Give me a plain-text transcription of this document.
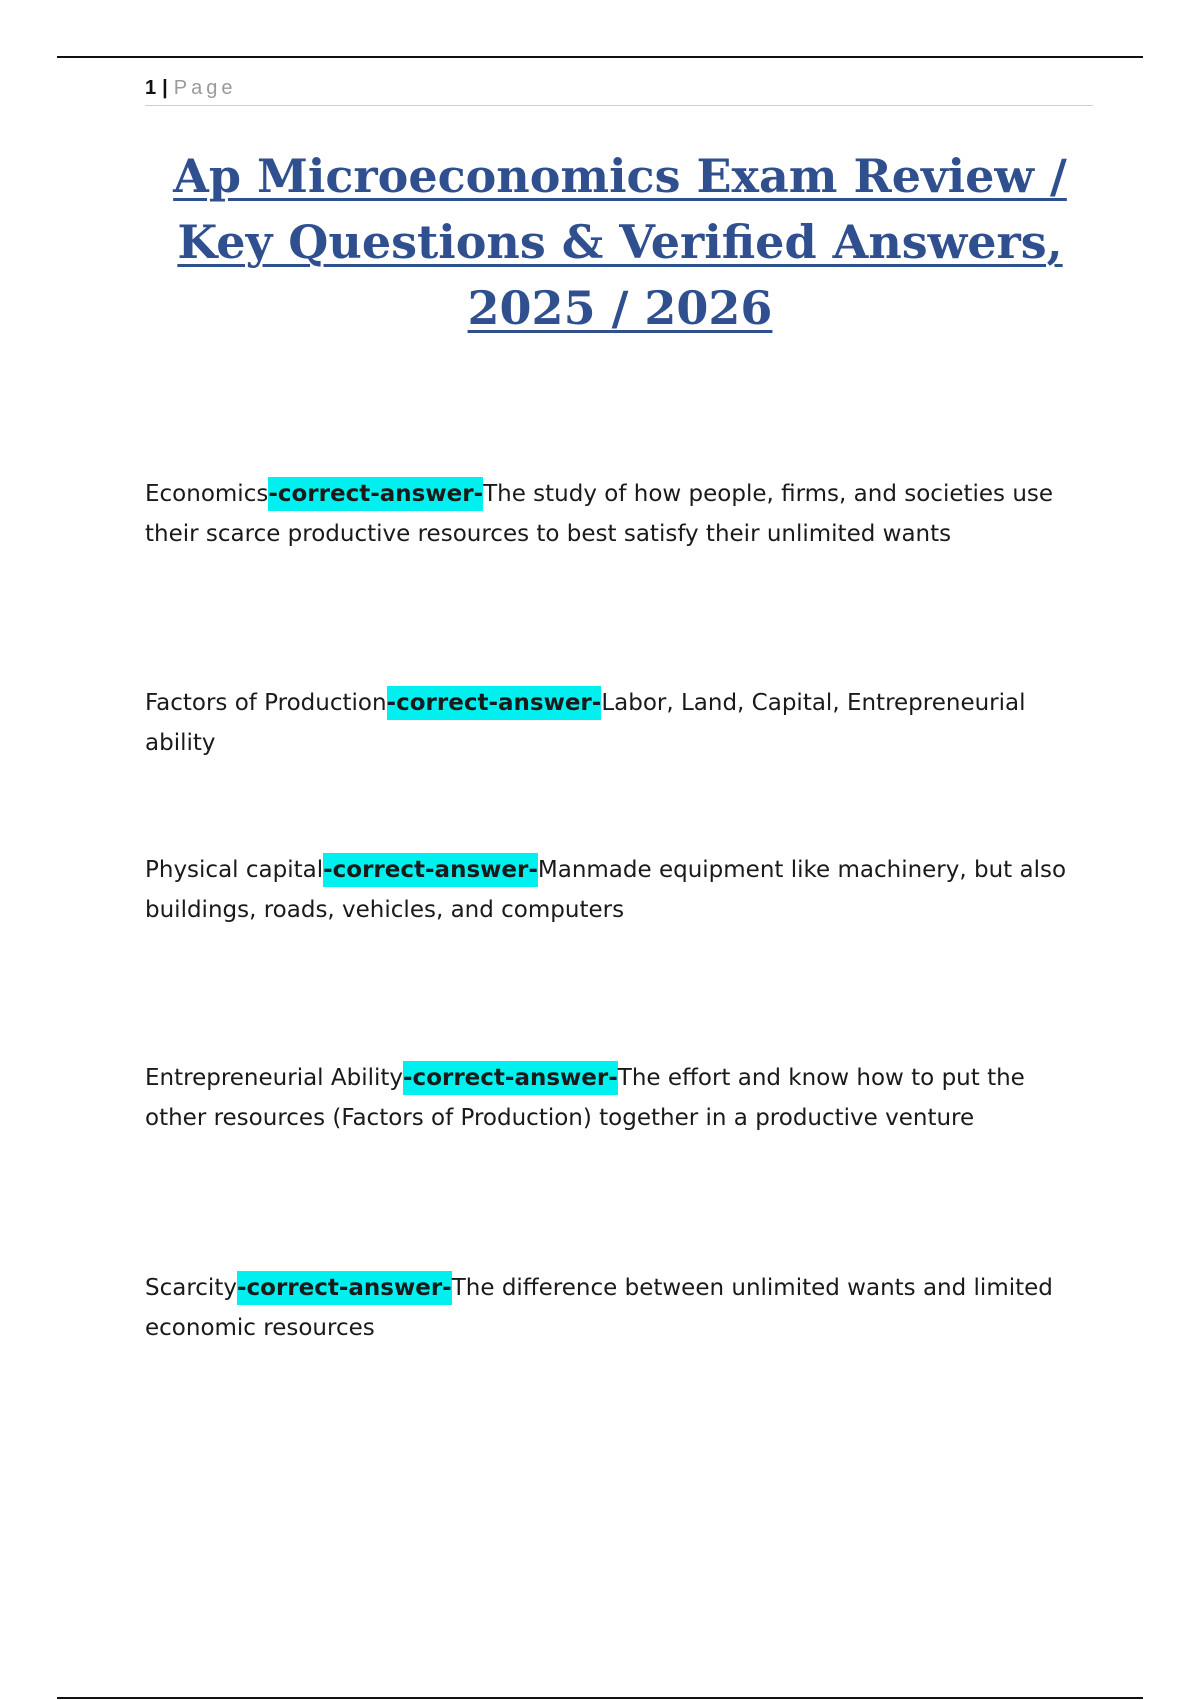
1 | Page
Ap Microeconomics Exam Review / Key Questions & Verified Answers, 2025 / 2026

Economics-correct-answer-The study of how people, firms, and societies use their scarce productive resources to best satisfy their unlimited wants

Factors of Production-correct-answer-Labor, Land, Capital, Entrepreneurial ability

Physical capital-correct-answer-Manmade equipment like machinery, but also buildings, roads, vehicles, and computers

Entrepreneurial Ability-correct-answer-The effort and know how to put the other resources (Factors of Production) together in a productive venture

Scarcity-correct-answer-The difference between unlimited wants and limited economic resources
